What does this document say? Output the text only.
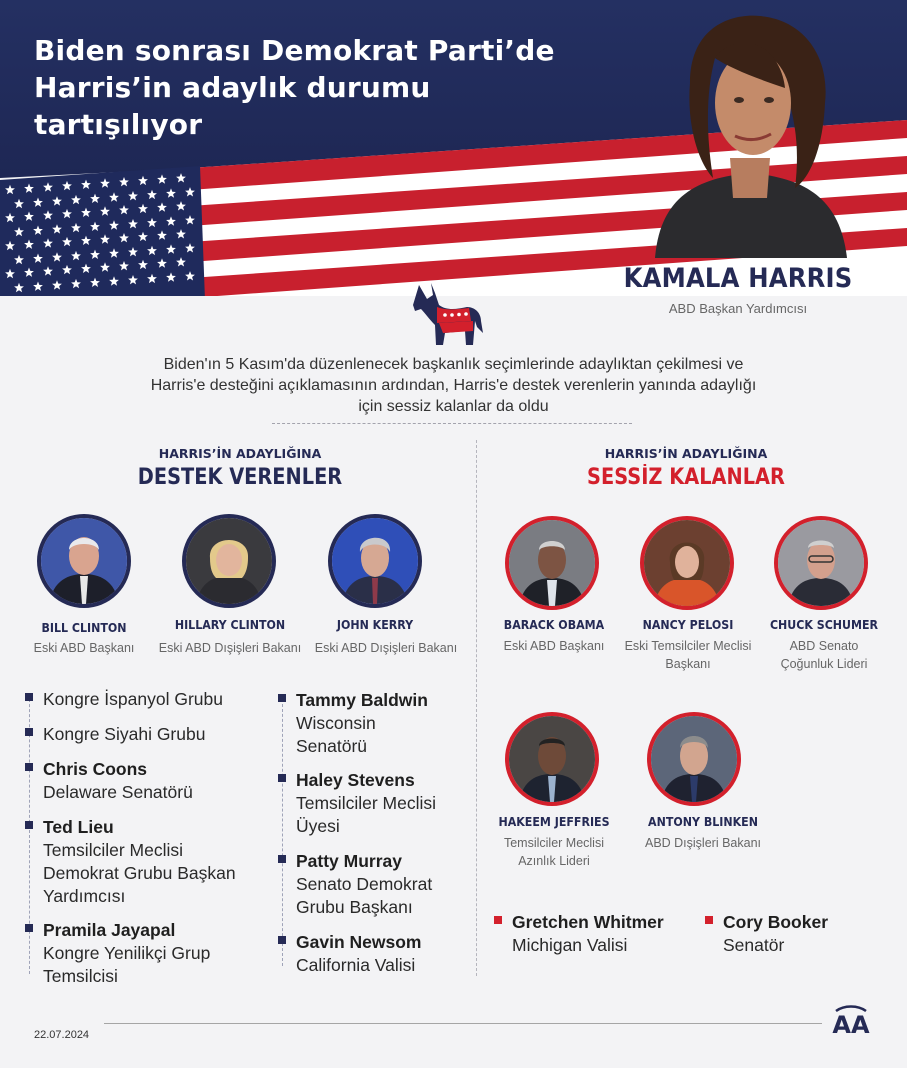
Biden sonrası Demokrat Parti’de
Harris’in adaylık durumu
tartışılıyor
KAMALA HARRIS
ABD Başkan Yardımcısı
Biden'ın 5 Kasım'da düzenlenecek başkanlık seçimlerinde adaylıktan çekilmesi ve
Harris'e desteğini açıklamasının ardından, Harris'e destek verenlerin yanında adaylığı
için sessiz kalanlar da oldu
HARRIS’İN ADAYLIĞINA
DESTEK VERENLER
BILL CLINTON
Eski ABD Başkanı
HILLARY CLINTON
Eski ABD Dışişleri Bakanı
JOHN KERRY
Eski ABD Dışişleri Bakanı
Kongre İspanyol Grubu
Kongre Siyahi Grubu
Chris Coons
Delaware Senatörü
Ted Lieu
Temsilciler Meclisi
Demokrat Grubu Başkan
Yardımcısı
Pramila Jayapal
Kongre Yenilikçi Grup
Temsilcisi
Tammy Baldwin
Wisconsin
Senatörü
Haley Stevens
Temsilciler Meclisi
Üyesi
Patty Murray
Senato Demokrat
Grubu Başkanı
Gavin Newsom
California Valisi
HARRIS’İN ADAYLIĞINA
SESSİZ KALANLAR
BARACK OBAMA
Eski ABD Başkanı
NANCY PELOSI
Eski Temsilciler Meclisi
Başkanı
CHUCK SCHUMER
ABD Senato
Çoğunluk Lideri
HAKEEM JEFFRIES
Temsilciler Meclisi
Azınlık Lideri
ANTONY BLINKEN
ABD Dışişleri Bakanı
Gretchen Whitmer
Michigan Valisi
Cory Booker
Senatör
22.07.2024	AA
